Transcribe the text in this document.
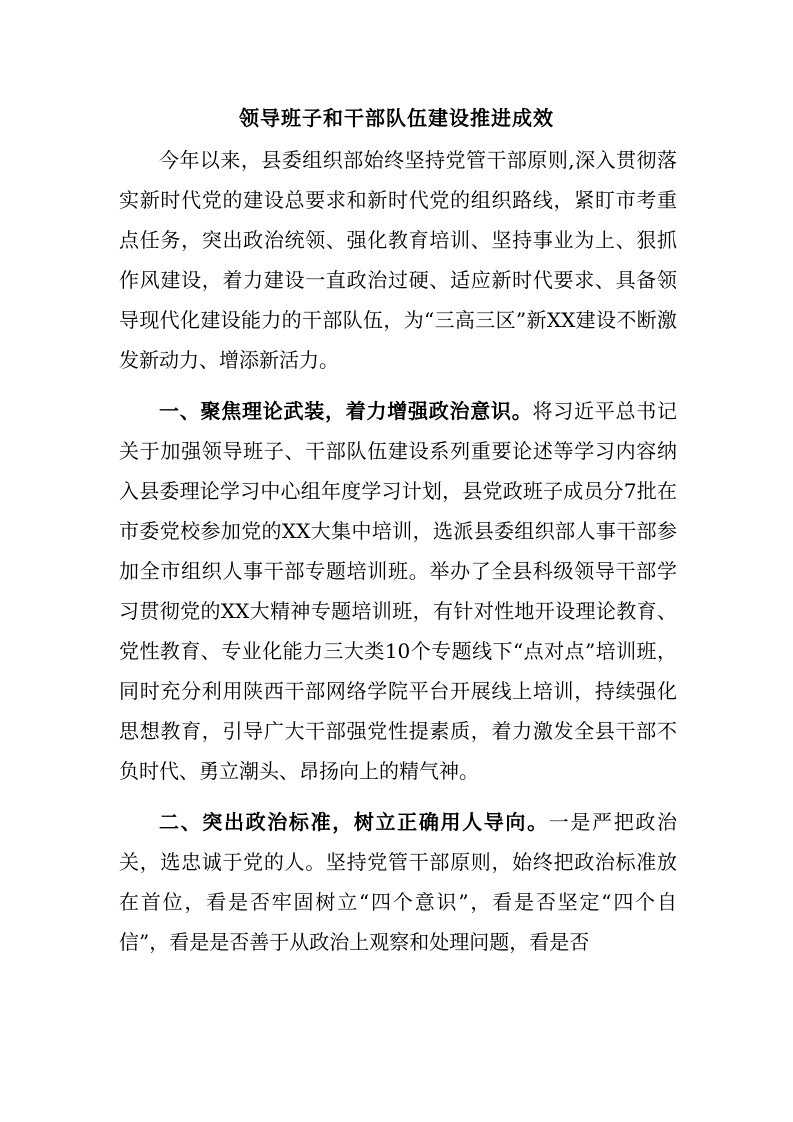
领导班子和干部队伍建设推进成效

今年以来，县委组织部始终坚持党管干部原则,深入贯彻落实新时代党的建设总要求和新时代党的组织路线，紧盯市考重点任务，突出政治统领、强化教育培训、坚持事业为上、狠抓作风建设，着力建设一直政治过硬、适应新时代要求、具备领导现代化建设能力的干部队伍，为“三高三区”新XX建设不断激发新动力、增添新活力。

一、聚焦理论武装，着力增强政治意识。将习近平总书记关于加强领导班子、干部队伍建设系列重要论述等学习内容纳入县委理论学习中心组年度学习计划，县党政班子成员分7批在市委党校参加党的XX大集中培训，选派县委组织部人事干部参加全市组织人事干部专题培训班。举办了全县科级领导干部学习贯彻党的XX大精神专题培训班，有针对性地开设理论教育、党性教育、专业化能力三大类10个专题线下“点对点”培训班，同时充分利用陕西干部网络学院平台开展线上培训，持续强化思想教育，引导广大干部强党性提素质，着力激发全县干部不负时代、勇立潮头、昂扬向上的精气神。

二、突出政治标准，树立正确用人导向。一是严把政治关，选忠诚于党的人。坚持党管干部原则，始终把政治标准放在首位，看是否牢固树立“四个意识”，看是否坚定“四个自信”，看是是否善于从政治上观察和处理问题，看是否
